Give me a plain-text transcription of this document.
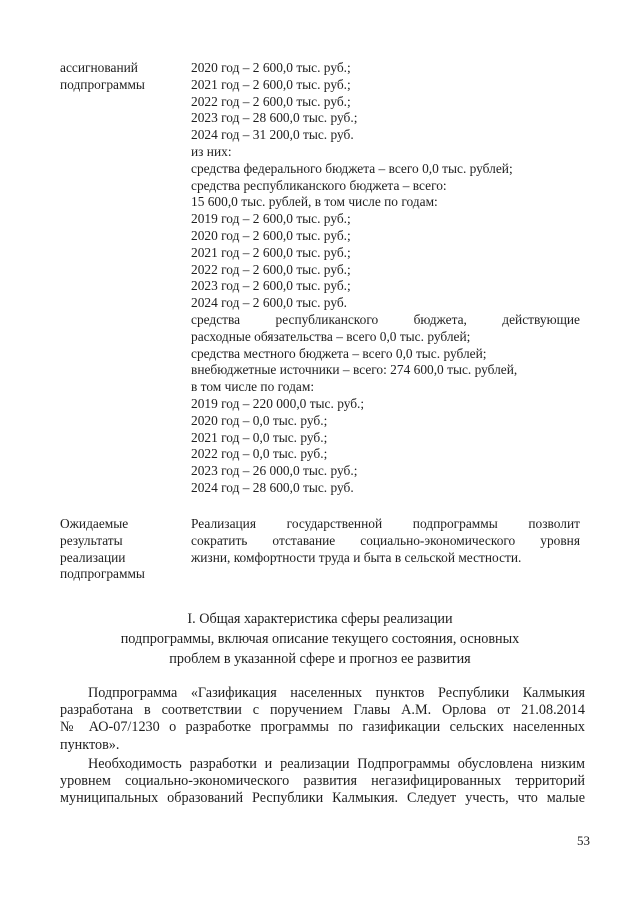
ассигнований
подпрограммы
2020 год – 2 600,0 тыс. руб.;
2021 год – 2 600,0 тыс. руб.;
2022 год – 2 600,0 тыс. руб.;
2023 год – 28 600,0 тыс. руб.;
2024 год – 31 200,0 тыс. руб.
из них:
средства федерального бюджета – всего 0,0 тыс. рублей;
средства республиканского бюджета – всего:
15 600,0 тыс. рублей, в том числе по годам:
2019 год – 2 600,0 тыс. руб.;
2020 год – 2 600,0 тыс. руб.;
2021 год – 2 600,0 тыс. руб.;
2022 год – 2 600,0 тыс. руб.;
2023 год – 2 600,0 тыс. руб.;
2024 год – 2 600,0 тыс. руб.
средства республиканского бюджета, действующие
расходные обязательства – всего 0,0 тыс. рублей;
средства местного бюджета – всего 0,0 тыс. рублей;
внебюджетные источники – всего: 274 600,0 тыс. рублей,
в том числе по годам:
2019 год – 220 000,0 тыс. руб.;
2020 год – 0,0 тыс. руб.;
2021 год – 0,0 тыс. руб.;
2022 год – 0,0 тыс. руб.;
2023 год – 26 000,0 тыс. руб.;
2024 год – 28 600,0 тыс. руб.
Ожидаемые
результаты
реализации
подпрограммы
Реализация государственной подпрограммы позволит
сократить отставание социально-экономического уровня
жизни, комфортности труда и быта в сельской местности.
I. Общая характеристика сферы реализации
подпрограммы, включая описание текущего состояния, основных
проблем в указанной сфере и прогноз ее развития
Подпрограмма «Газификация населенных пунктов Республики Калмыкия
разработана в соответствии с поручением Главы А.М. Орлова от 21.08.2014
№ АО-07/1230 о разработке программы по газификации сельских населенных
пунктов».
Необходимость разработки и реализации Подпрограммы обусловлена низким
уровнем социально-экономического развития негазифицированных территорий
муниципальных образований Республики Калмыкия. Следует учесть, что малые
53
